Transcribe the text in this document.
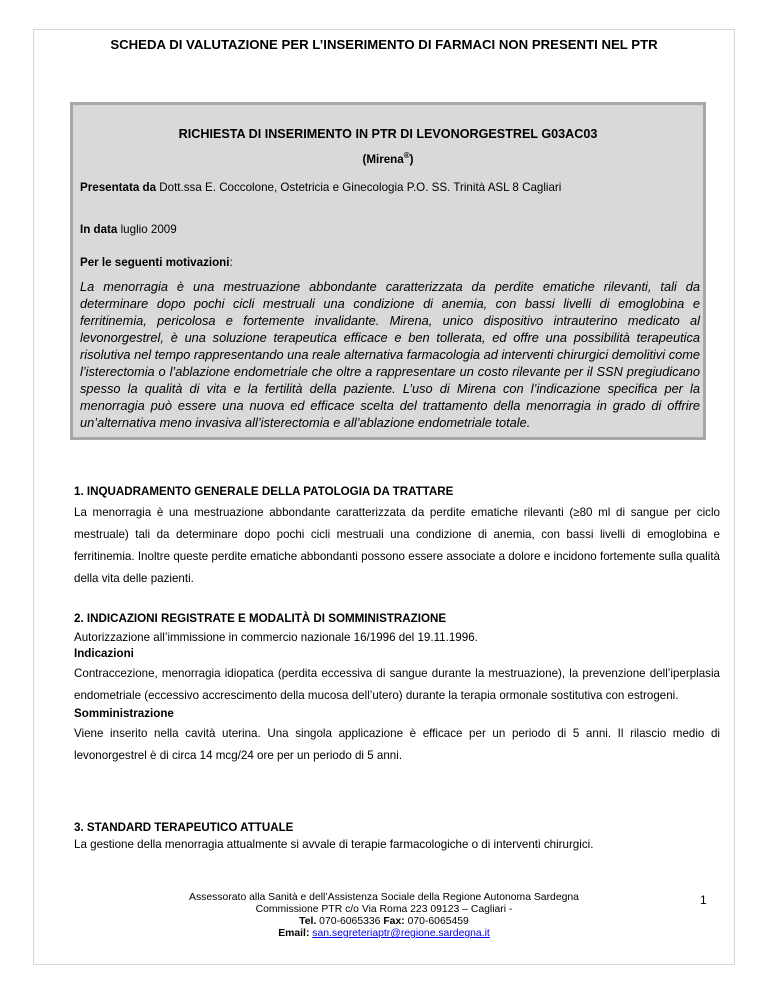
SCHEDA DI VALUTAZIONE PER L’INSERIMENTO DI FARMACI NON PRESENTI NEL PTR
RICHIESTA DI INSERIMENTO IN PTR DI LEVONORGESTREL G03AC03
(Mirena®)
Presentata da Dott.ssa E. Coccolone, Ostetricia e Ginecologia P.O. SS. Trinità ASL 8 Cagliari
In data luglio 2009
Per le seguenti motivazioni:
La menorragia è una mestruazione abbondante caratterizzata da perdite ematiche rilevanti, tali da determinare dopo pochi cicli mestruali una condizione di anemia, con bassi livelli di emoglobina e ferritinemia, pericolosa e fortemente invalidante. Mirena, unico dispositivo intrauterino medicato al levonorgestrel, è una soluzione terapeutica efficace e ben tollerata, ed offre una possibilità terapeutica risolutiva nel tempo rappresentando una reale alternativa farmacologia ad interventi chirurgici demolitivi come l’isterectomia o l’ablazione endometriale che oltre a rappresentare un costo rilevante per il SSN pregiudicano spesso la qualità di vita e la fertilità della paziente. L’uso di Mirena con l’indicazione specifica per la menorragia può essere una nuova ed efficace scelta del trattamento della menorragia in grado di offrire un’alternativa meno invasiva all’isterectomia e all’ablazione endometriale totale.
1. INQUADRAMENTO GENERALE DELLA PATOLOGIA DA TRATTARE
La menorragia è una mestruazione abbondante caratterizzata da perdite ematiche rilevanti (≥80 ml di sangue per ciclo mestruale) tali da determinare dopo pochi cicli mestruali una condizione di anemia, con bassi livelli di emoglobina e ferritinemia. Inoltre queste perdite ematiche abbondanti possono essere associate a dolore e incidono fortemente sulla qualità della vita delle pazienti.
2. INDICAZIONI REGISTRATE E MODALITÀ DI SOMMINISTRAZIONE
Autorizzazione all’immissione in commercio nazionale 16/1996 del 19.11.1996.
Indicazioni
Contraccezione, menorragia idiopatica (perdita eccessiva di sangue durante la mestruazione), la prevenzione dell’iperplasia endometriale (eccessivo accrescimento della mucosa dell’utero) durante la terapia ormonale sostitutiva con estrogeni.
Somministrazione
Viene inserito nella cavità uterina. Una singola applicazione è efficace per un periodo di 5 anni. Il rilascio medio di levonorgestrel è di circa 14 mcg/24 ore per un periodo di 5 anni.
3. STANDARD TERAPEUTICO ATTUALE
La gestione della menorragia attualmente si avvale di terapie farmacologiche o di interventi chirurgici.
Assessorato alla Sanità e dell’Assistenza Sociale della Regione Autonoma Sardegna
Commissione PTR c/o Via Roma 223 09123 – Cagliari -
Tel. 070-6065336 Fax: 070-6065459
Email: san.segreteriaptr@regione.sardegna.it
1
